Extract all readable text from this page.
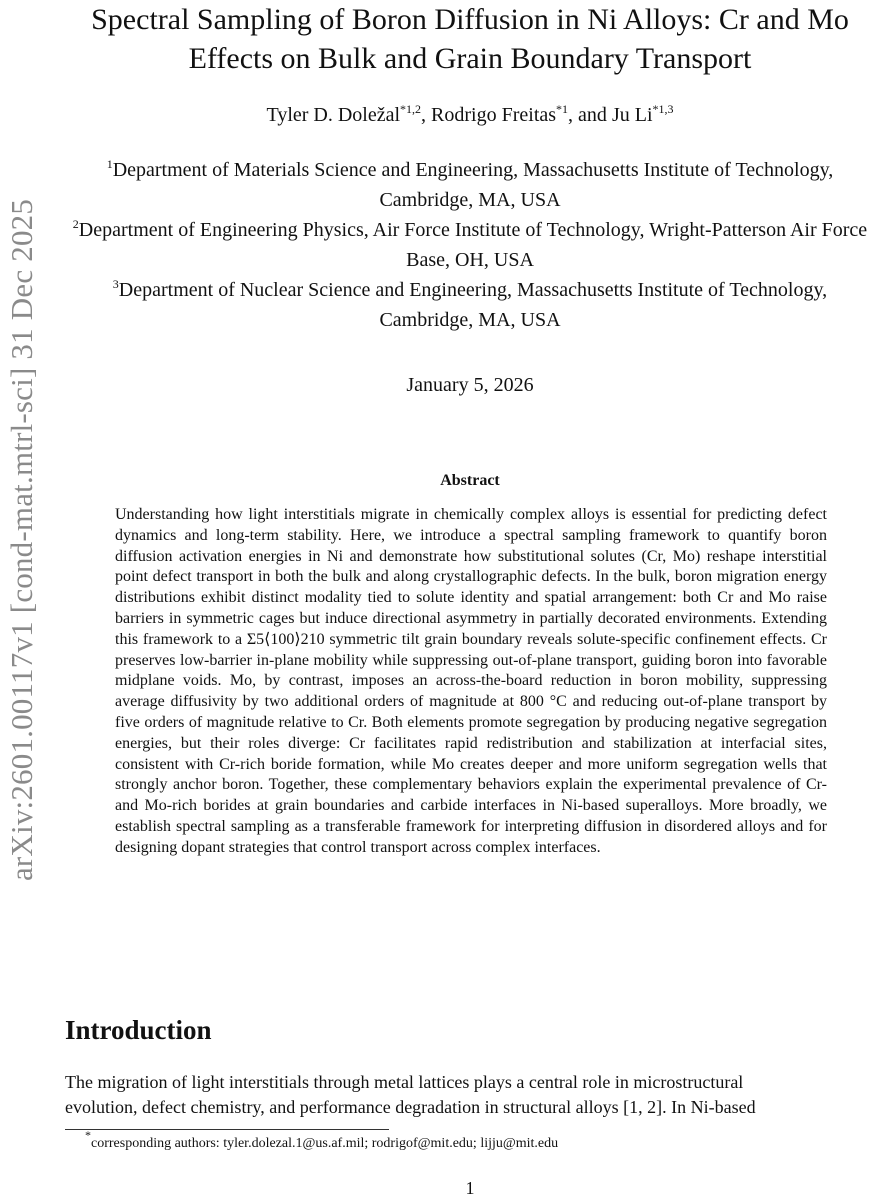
arXiv:2601.00117v1 [cond-mat.mtrl-sci] 31 Dec 2025
Spectral Sampling of Boron Diffusion in Ni Alloys: Cr and Mo Effects on Bulk and Grain Boundary Transport
Tyler D. Doležal$^{*1,2}$, Rodrigo Freitas$^{*1}$, and Ju Li$^{*1,3}$
$^1$Department of Materials Science and Engineering, Massachusetts Institute of Technology, Cambridge, MA, USA
$^2$Department of Engineering Physics, Air Force Institute of Technology, Wright-Patterson Air Force Base, OH, USA
$^3$Department of Nuclear Science and Engineering, Massachusetts Institute of Technology, Cambridge, MA, USA
January 5, 2026
Abstract

Understanding how light interstitials migrate in chemically complex alloys is essential for predicting defect dynamics and long-term stability. Here, we introduce a spectral sampling framework to quantify boron diffusion activation energies in Ni and demonstrate how substitutional solutes (Cr, Mo) reshape interstitial point defect transport in both the bulk and along crystallographic defects. In the bulk, boron migration energy distributions exhibit distinct modality tied to solute identity and spatial arrangement: both Cr and Mo raise barriers in symmetric cages but induce directional asymmetry in partially decorated environments. Extending this framework to a Σ5⟨100⟩210 symmetric tilt grain boundary reveals solute-specific confinement effects. Cr preserves low-barrier in-plane mobility while suppressing out-of-plane transport, guiding boron into favorable midplane voids. Mo, by contrast, imposes an across-the-board reduction in boron mobility, suppressing average diffusivity by two additional orders of magnitude at 800 °C and reducing out-of-plane transport by five orders of magnitude relative to Cr. Both elements promote segregation by producing negative segregation energies, but their roles diverge: Cr facilitates rapid redistribution and stabilization at interfacial sites, consistent with Cr-rich boride formation, while Mo creates deeper and more uniform segregation wells that strongly anchor boron. Together, these complementary behaviors explain the experimental prevalence of Cr- and Mo-rich borides at grain boundaries and carbide interfaces in Ni-based superalloys. More broadly, we establish spectral sampling as a transferable framework for interpreting diffusion in disordered alloys and for designing dopant strategies that control transport across complex interfaces.

Introduction
The migration of light interstitials through metal lattices plays a central role in microstructural
evolution, defect chemistry, and performance degradation in structural alloys [1, 2]. In Ni-based
*corresponding authors: tyler.dolezal.1@us.af.mil; rodrigof@mit.edu; lijju@mit.edu
1
